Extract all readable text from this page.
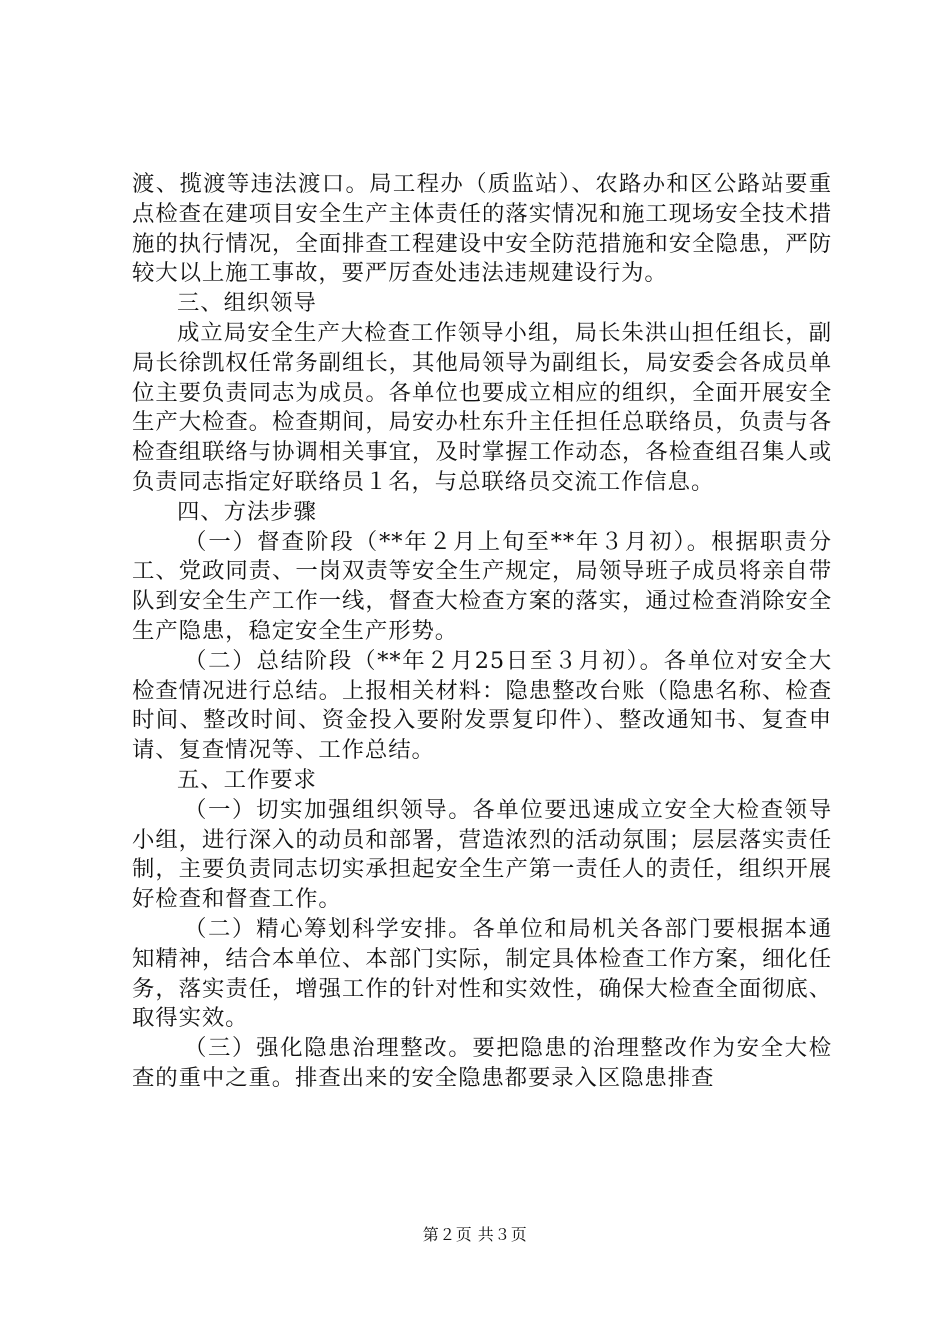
渡、揽渡等违法渡口。局工程办（质监站）、农路办和区公路站要重点检查在建项目安全生产主体责任的落实情况和施工现场安全技术措施的执行情况，全面排查工程建设中安全防范措施和安全隐患，严防较大以上施工事故，要严厉查处违法违规建设行为。

三、组织领导

成立局安全生产大检查工作领导小组，局长朱洪山担任组长，副局长徐凯权任常务副组长，其他局领导为副组长，局安委会各成员单位主要负责同志为成员。各单位也要成立相应的组织，全面开展安全生产大检查。检查期间，局安办杜东升主任担任总联络员，负责与各检查组联络与协调相关事宜，及时掌握工作动态，各检查组召集人或负责同志指定好联络员１名，与总联络员交流工作信息。

四、方法步骤

（一）督查阶段（**年２月上旬至**年３月初）。根据职责分工、党政同责、一岗双责等安全生产规定，局领导班子成员将亲自带队到安全生产工作一线，督查大检查方案的落实，通过检查消除安全生产隐患，稳定安全生产形势。

（二）总结阶段（**年２月25日至３月初）。各单位对安全大检查情况进行总结。上报相关材料：隐患整改台账（隐患名称、检查时间、整改时间、资金投入要附发票复印件）、整改通知书、复查申请、复查情况等、工作总结。

五、工作要求

（一）切实加强组织领导。各单位要迅速成立安全大检查领导小组，进行深入的动员和部署，营造浓烈的活动氛围；层层落实责任制，主要负责同志切实承担起安全生产第一责任人的责任，组织开展好检查和督查工作。

（二）精心筹划科学安排。各单位和局机关各部门要根据本通知精神，结合本单位、本部门实际，制定具体检查工作方案，细化任务，落实责任，增强工作的针对性和实效性，确保大检查全面彻底、取得实效。

（三）强化隐患治理整改。要把隐患的治理整改作为安全大检查的重中之重。排查出来的安全隐患都要录入区隐患排查

第２页 共３页
